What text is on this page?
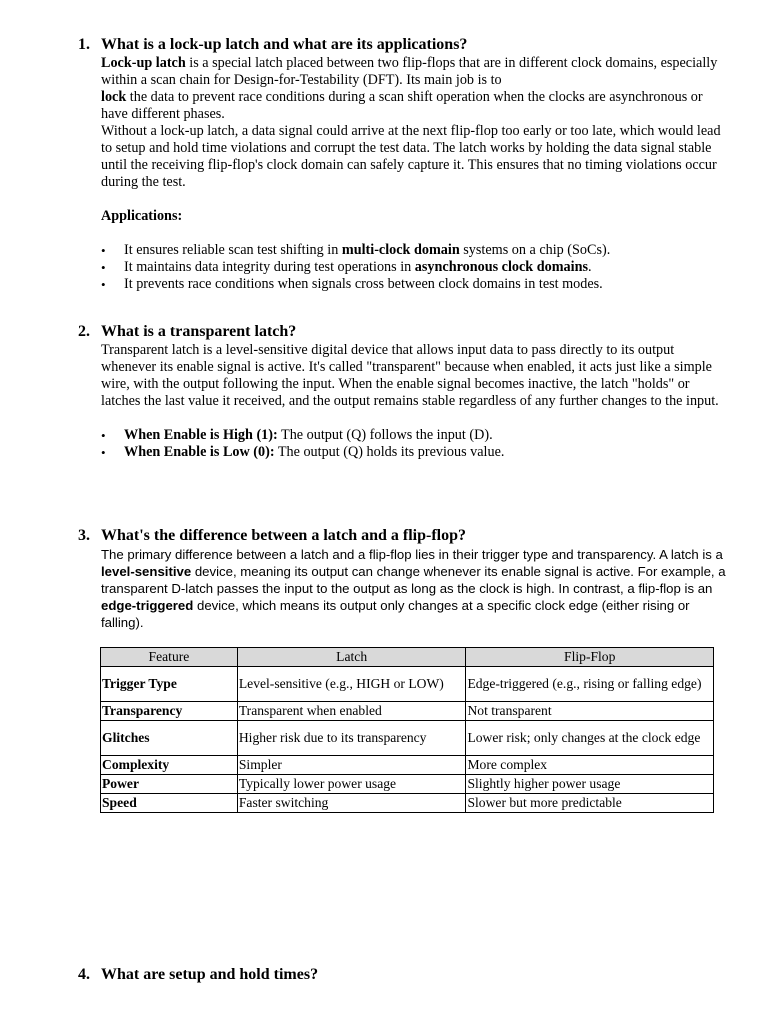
1. What is a lock-up latch and what are its applications?

Lock-up latch is a special latch placed between two flip-flops that are in different clock domains, especially within a scan chain for Design-for-Testability (DFT). Its main job is to

lock the data to prevent race conditions during a scan shift operation when the clocks are asynchronous or have different phases.

Without a lock-up latch, a data signal could arrive at the next flip-flop too early or too late, which would lead to setup and hold time violations and corrupt the test data. The latch works by holding the data signal stable until the receiving flip-flop's clock domain can safely capture it. This ensures that no timing violations occur during the test.

Applications:

• It ensures reliable scan test shifting in multi-clock domain systems on a chip (SoCs).
• It maintains data integrity during test operations in asynchronous clock domains.
• It prevents race conditions when signals cross between clock domains in test modes.
2. What is a transparent latch?

Transparent latch is a level-sensitive digital device that allows input data to pass directly to its output whenever its enable signal is active. It's called "transparent" because when enabled, it acts just like a simple wire, with the output following the input. When the enable signal becomes inactive, the latch "holds" or latches the last value it received, and the output remains stable regardless of any further changes to the input.

• When Enable is High (1): The output (Q) follows the input (D).
• When Enable is Low (0): The output (Q) holds its previous value.
3. What's the difference between a latch and a flip-flop?

The primary difference between a latch and a flip-flop lies in their trigger type and transparency. A latch is a level-sensitive device, meaning its output can change whenever its enable signal is active. For example, a transparent D-latch passes the input to the output as long as the clock is high. In contrast, a flip-flop is an edge-triggered device, which means its output only changes at a specific clock edge (either rising or falling).

Feature	Latch	Flip-Flop
Trigger Type	Level-sensitive (e.g., HIGH or LOW)	Edge-triggered (e.g., rising or falling edge)
Transparency	Transparent when enabled	Not transparent
Glitches	Higher risk due to its transparency	Lower risk; only changes at the clock edge
Complexity	Simpler	More complex
Power	Typically lower power usage	Slightly higher power usage
Speed	Faster switching	Slower but more predictable
4. What are setup and hold times?
